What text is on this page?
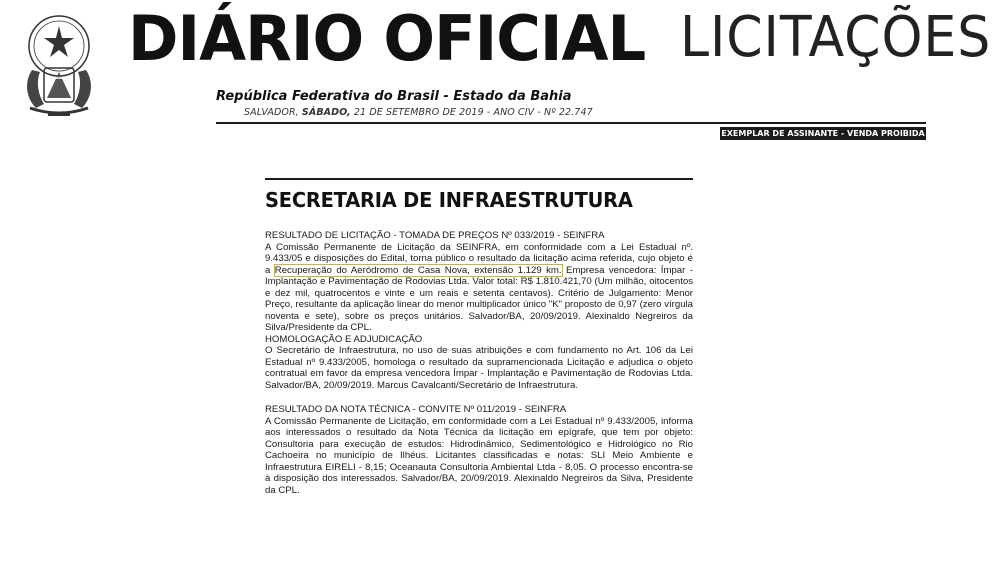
DIÁRIO OFICIAL LICITAÇÕES
República Federativa do Brasil - Estado da Bahia
SALVADOR, SÁBADO, 21 DE SETEMBRO DE 2019 - ANO CIV - Nº 22.747
EXEMPLAR DE ASSINANTE - VENDA PROIBIDA
SECRETARIA DE INFRAESTRUTURA
RESULTADO DE LICITAÇÃO - TOMADA DE PREÇOS Nº 033/2019 - SEINFRA
A Comissão Permanente de Licitação da SEINFRA, em conformidade com a Lei Estadual nº. 9.433/05 e disposições do Edital, torna público o resultado da licitação acima referida, cujo objeto é a Recuperação do Aeródromo de Casa Nova, extensão 1.129 km. Empresa vencedora: Ímpar - Implantação e Pavimentação de Rodovias Ltda. Valor total: R$ 1.810.421,70 (Um milhão, oitocentos e dez mil, quatrocentos e vinte e um reais e setenta centavos). Critério de Julgamento: Menor Preço, resultante da aplicação linear do menor multiplicador único "K" proposto de 0,97 (zero vírgula noventa e sete), sobre os preços unitários. Salvador/BA, 20/09/2019. Alexinaldo Negreiros da Silva/Presidente da CPL.
HOMOLOGAÇÃO E ADJUDICAÇÃO
O Secretário de Infraestrutura, no uso de suas atribuições e com fundamento no Art. 106 da Lei Estadual nº 9.433/2005, homologa o resultado da supramencionada Licitação e adjudica o objeto contratual em favor da empresa vencedora Ímpar - Implantação e Pavimentação de Rodovias Ltda. Salvador/BA, 20/09/2019. Marcus Cavalcanti/Secretário de Infraestrutura.
RESULTADO DA NOTA TÉCNICA - CONVITE Nº 011/2019 - SEINFRA
A Comissão Permanente de Licitação, em conformidade com a Lei Estadual nº 9.433/2005, informa aos interessados o resultado da Nota Técnica da licitação em epígrafe, que tem por objeto: Consultoria para execução de estudos: Hidrodinâmico, Sedimentológico e Hidrológico no Rio Cachoeira no município de Ilhéus. Licitantes classificadas e notas: SLI Meio Ambiente e Infraestrutura EIRELI - 8,15; Oceanauta Consultoria Ambiental Ltda - 8,05. O processo encontra-se à disposição dos interessados. Salvador/BA, 20/09/2019. Alexinaldo Negreiros da Silva, Presidente da CPL.
